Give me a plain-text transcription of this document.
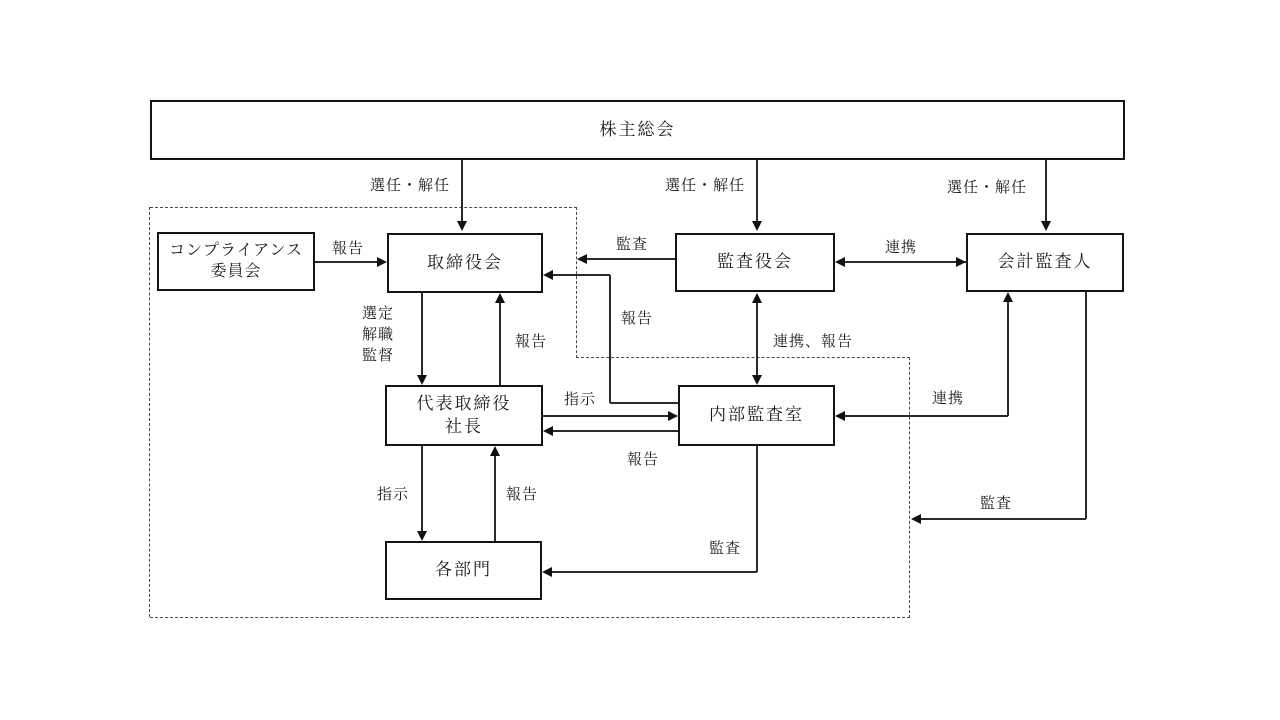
株主総会
コンプライアンス
委員会	取締役会	監査役会	会計監査人
代表取締役
社長
内部監査室
各部門
選任・解任	選任・解任	選任・解任
報告	監査	連携
報告
連携、報告
選定
解職
監督
報告
指示
報告
連携
監査
監査
指示	報告
